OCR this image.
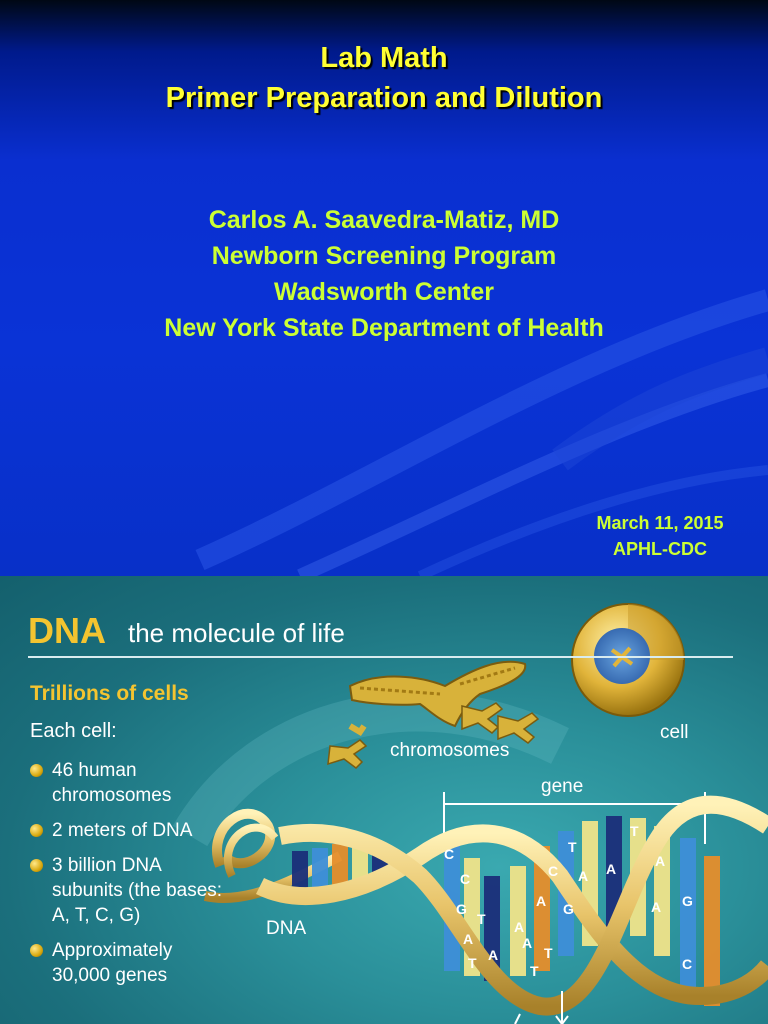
Lab Math
Primer Preparation and Dilution
Carlos A. Saavedra-Matiz, MD
Newborn Screening Program
Wadsworth Center
New York State Department of Health
March 11, 2015
APHL-CDC
C
C
G
T
A
A
T
A
A
T
G
A
C A
T
T
A
A
T
G
C
A
DNA the molecule of life
Trillions of cells
Each cell:
46 human chromosomes
2 meters of DNA
3 billion DNA subunits (the bases: A, T, C, G)
Approximately 30,000 genes
chromosomes
cell
gene
DNA
